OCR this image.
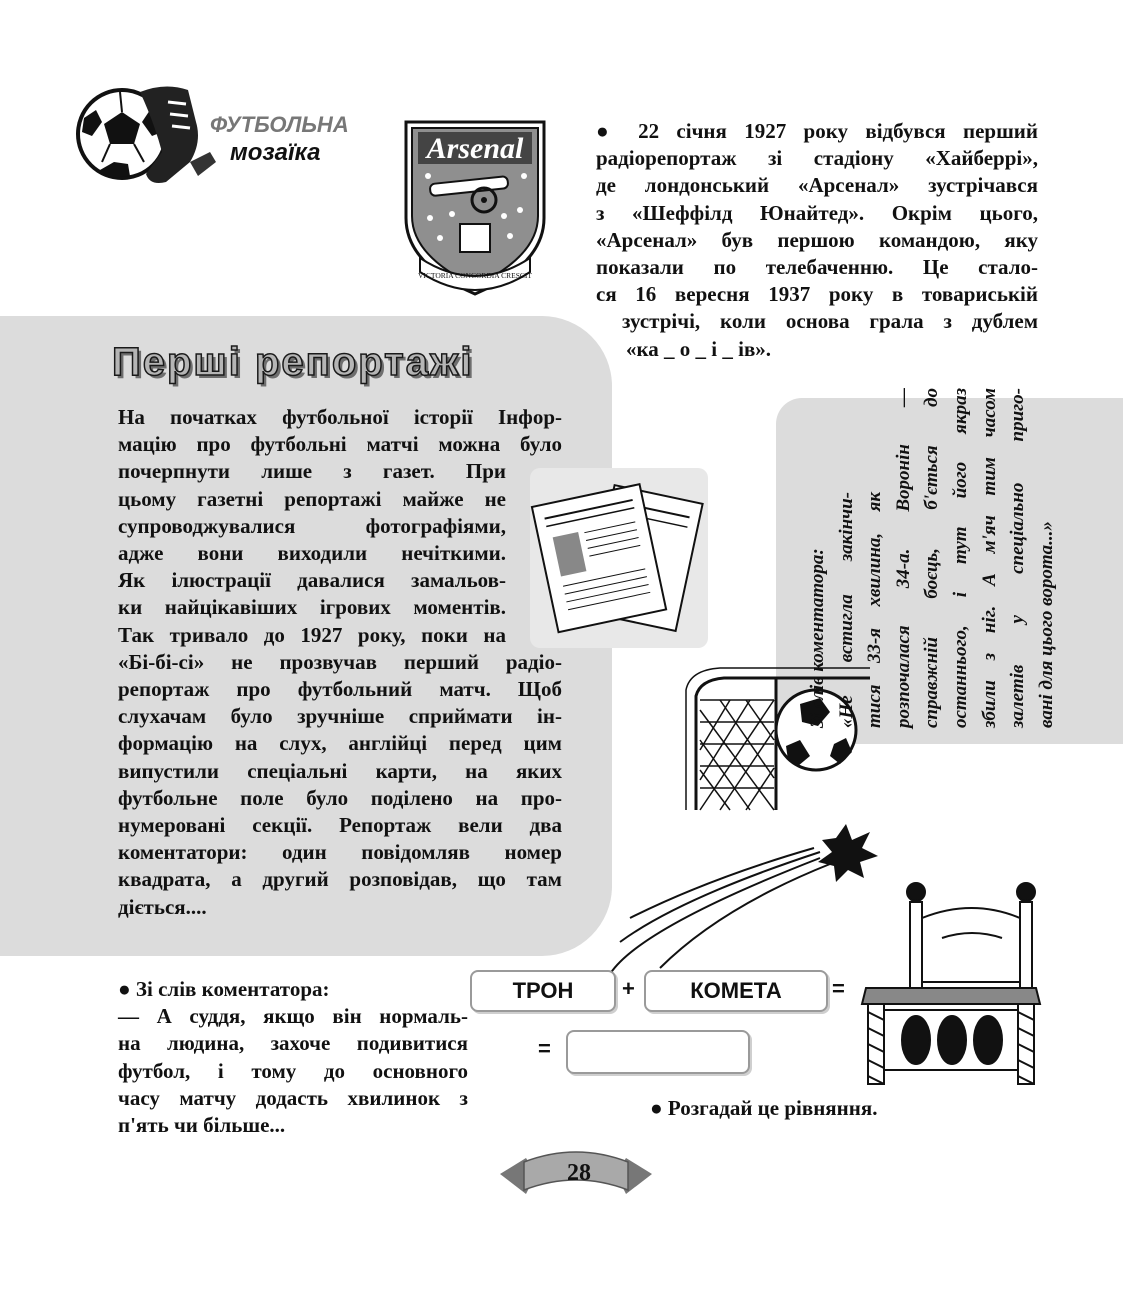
ФУТБОЛЬНА
мозаїка	Arsenal
VICTORIA CONCORDIA CRESCIT
● 22 січня 1927 року відбувся перший
радіорепортаж зі стадіону «Хайберрі»,
де лондонський «Арсенал» зустрічався
з «Шеффілд Юнайтед». Окрім цього,
«Арсенал» був першою командою, яку
показали по телебаченню. Це стало-
ся 16 вересня 1937 року в товариській
зустрічі, коли основа грала з дублем
«ка _ о _ і _ ів».
Перші репортажі
На початках футбольної історії Інфор-
мацію про футбольні матчі можна було
почерпнути лише з газет. При
цьому газетні репортажі майже не
супроводжувалися фотографіями,
адже вони виходили нечіткими.
Як ілюстрації давалися замальов-
ки найцікавіших ігрових моментів.
Так тривало до 1927 року, поки на
«Бі-бі-сі» не прозвучав перший радіо-
репортаж про футбольний матч. Щоб
слухачам було зручніше сприймати ін-
формацію на слух, англійці перед цим
випустили спеціальні карти, на яких
футбольне поле було поділено на про-
нумеровані секції. Репортаж вели два
коментатори: один повідомляв номер
квадрата, а другий розповідав, що там
діється....
Зі слів коментатора: «Не встигла закінчи- тися 33-я хвилина, як розпочалася 34-а. Воронін — справжній боєць, б'ється до останнього, і тут його якраз збили з ніг. А м'яч тим часом залетів у спеціально приго- вані для цього ворота...»
● Зі слів коментатора:
— А суддя, якщо він нормаль-
на людина, захоче подивитися
футбол, і тому до основного
часу матчу додасть хвилинок з
п'ять чи більше...
ТРОН	+	КОМЕТА	=
=
● Розгадай це рівняння.
28
